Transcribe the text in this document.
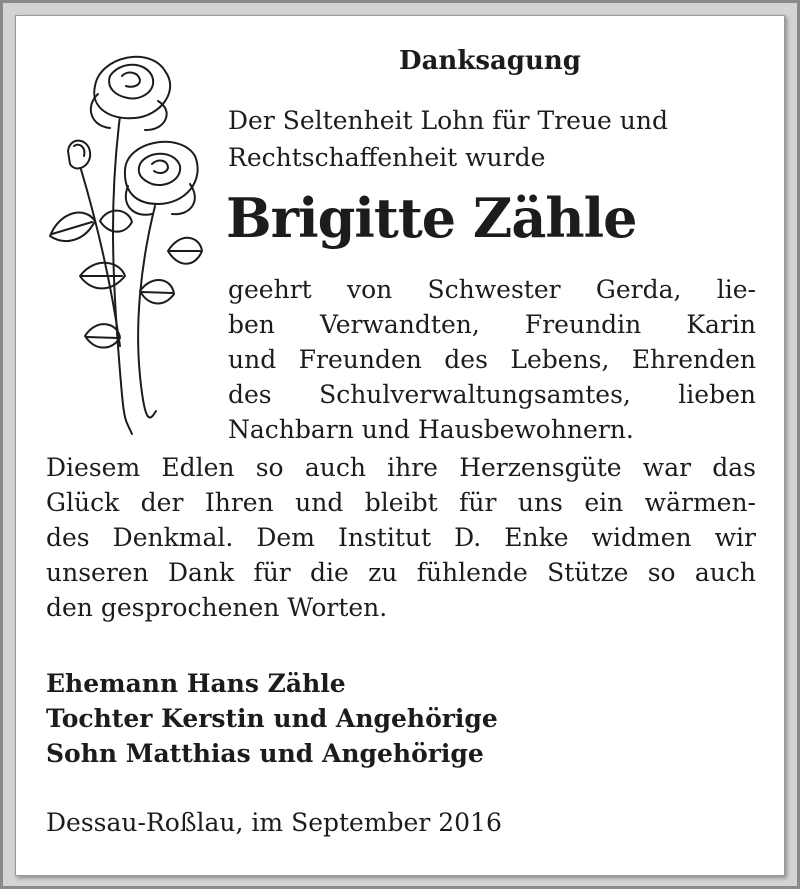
Danksagung
Der Seltenheit Lohn für Treue und
Rechtschaffenheit wurde
Brigitte Zähle
geehrt von Schwester Gerda, lie-
ben Verwandten, Freundin Karin
und Freunden des Lebens, Ehrenden
des Schulverwaltungsamtes, lieben
Nachbarn und Hausbewohnern.
Diesem Edlen so auch ihre Herzensgüte war das
Glück der Ihren und bleibt für uns ein wärmen-
des Denkmal. Dem Institut D. Enke widmen wir
unseren Dank für die zu fühlende Stütze so auch
den gesprochenen Worten.
Ehemann Hans Zähle
Tochter Kerstin und Angehörige
Sohn Matthias und Angehörige
Dessau-Roßlau, im September 2016
